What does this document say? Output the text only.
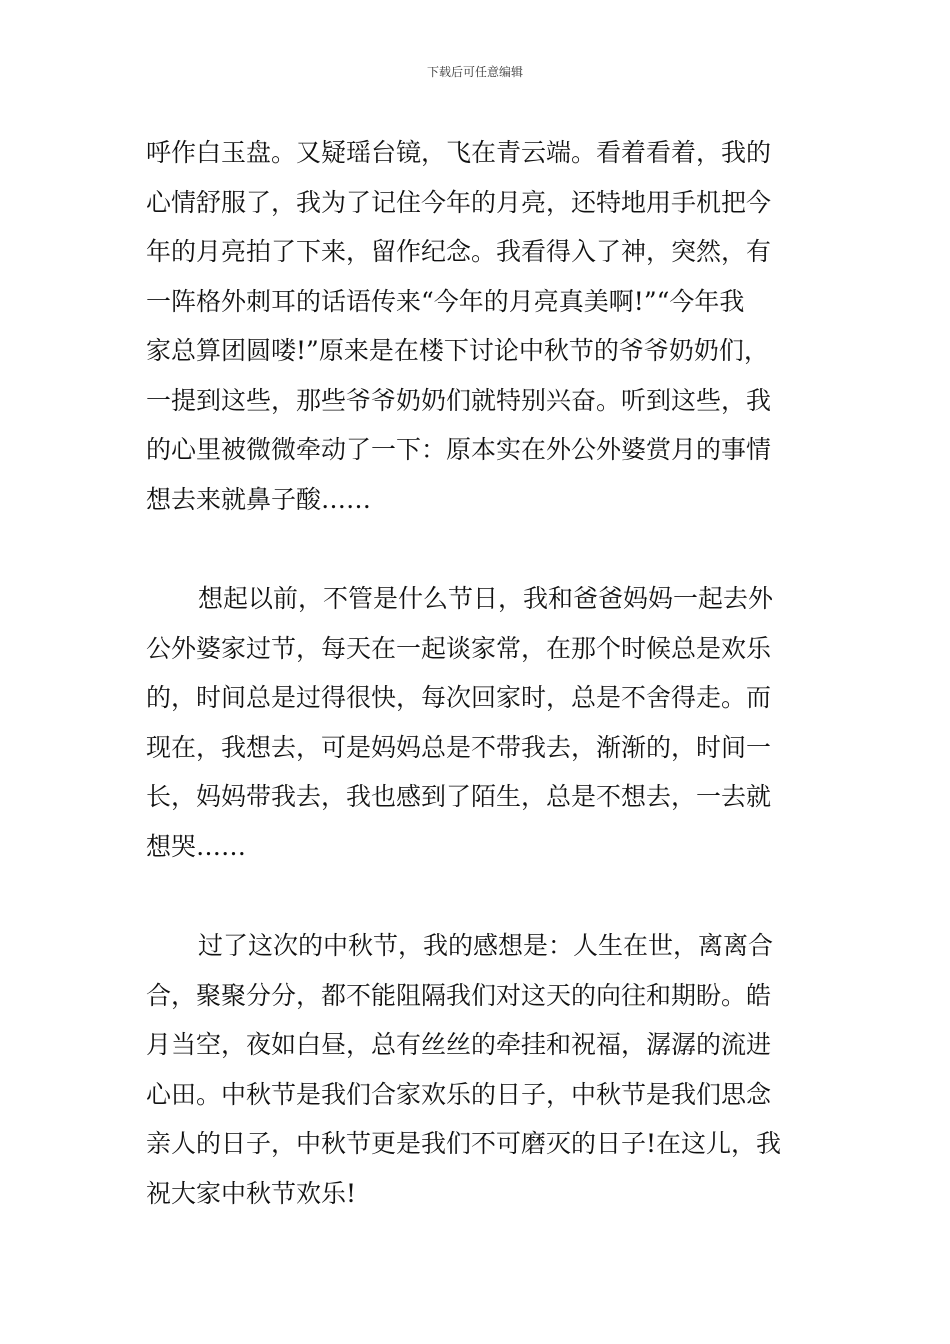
下载后可任意编辑

呼作白玉盘。又疑瑶台镜，飞在青云端。看着看着，我的
心情舒服了，我为了记住今年的月亮，还特地用手机把今
年的月亮拍了下来，留作纪念。我看得入了神，突然，有
一阵格外刺耳的话语传来“今年的月亮真美啊!”“今年我
家总算团圆喽!”原来是在楼下讨论中秋节的爷爷奶奶们，
一提到这些，那些爷爷奶奶们就特别兴奋。听到这些，我
的心里被微微牵动了一下：原本实在外公外婆赏月的事情
想去来就鼻子酸……

想起以前，不管是什么节日，我和爸爸妈妈一起去外
公外婆家过节，每天在一起谈家常，在那个时候总是欢乐
的，时间总是过得很快，每次回家时，总是不舍得走。而
现在，我想去，可是妈妈总是不带我去，渐渐的，时间一
长，妈妈带我去，我也感到了陌生，总是不想去，一去就
想哭……

过了这次的中秋节，我的感想是：人生在世，离离合
合，聚聚分分，都不能阻隔我们对这天的向往和期盼。皓
月当空，夜如白昼，总有丝丝的牵挂和祝福，潺潺的流进
心田。中秋节是我们合家欢乐的日子，中秋节是我们思念
亲人的日子，中秋节更是我们不可磨灭的日子!在这儿，我
祝大家中秋节欢乐!
